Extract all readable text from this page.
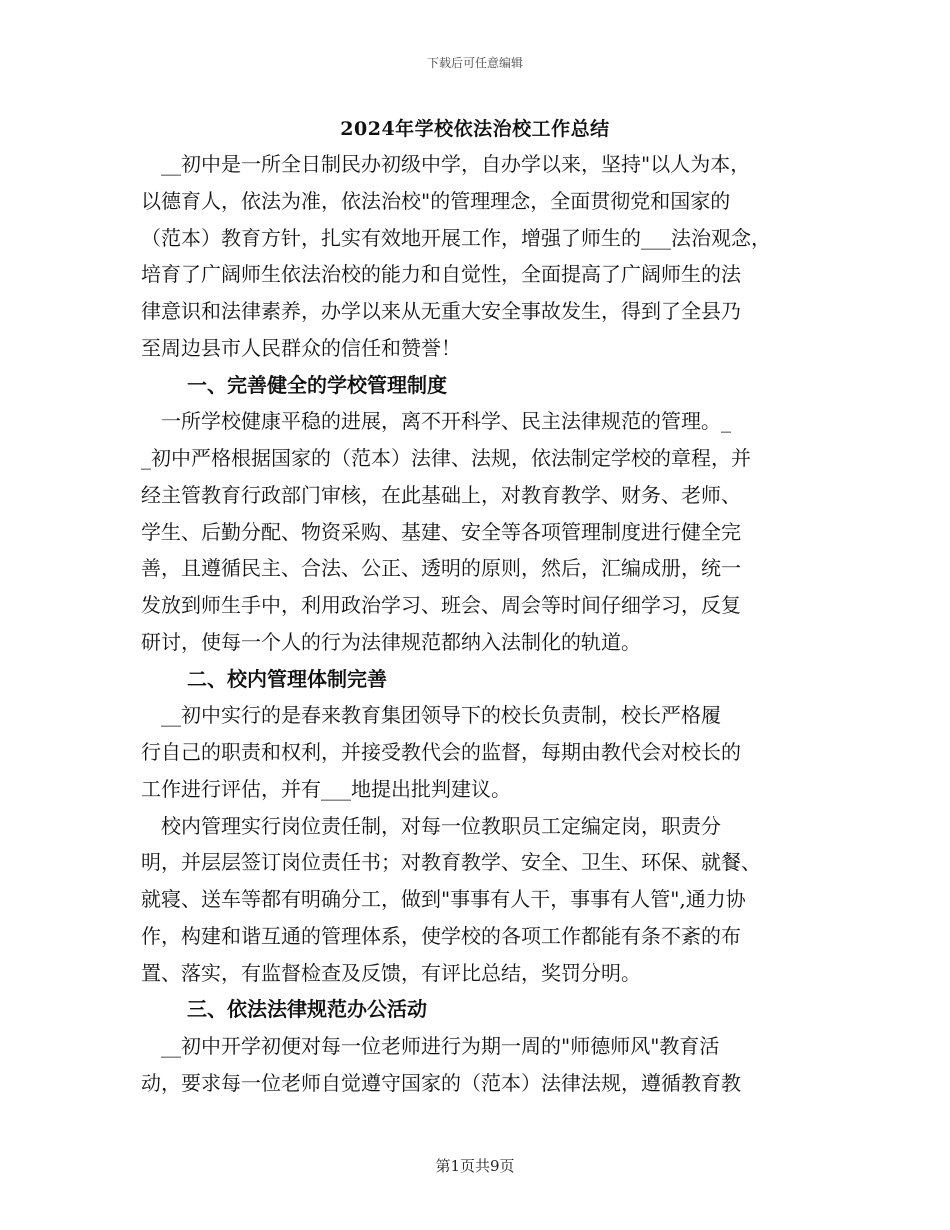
下载后可任意编辑
2024年学校依法治校工作总结
　__初中是一所全日制民办初级中学，自办学以来，坚持"以人为本，
以德育人，依法为准，依法治校"的管理理念，全面贯彻党和国家的
（范本）教育方针，扎实有效地开展工作，增强了师生的___法治观念，
培育了广阔师生依法治校的能力和自觉性，全面提高了广阔师生的法
律意识和法律素养，办学以来从无重大安全事故发生，得到了全县乃
至周边县市人民群众的信任和赞誉！
一、完善健全的学校管理制度
　一所学校健康平稳的进展，离不开科学、民主法律规范的管理。_
_初中严格根据国家的（范本）法律、法规，依法制定学校的章程，并
经主管教育行政部门审核，在此基础上，对教育教学、财务、老师、
学生、后勤分配、物资采购、基建、安全等各项管理制度进行健全完
善，且遵循民主、合法、公正、透明的原则，然后，汇编成册，统一
发放到师生手中，利用政治学习、班会、周会等时间仔细学习，反复
研讨，使每一个人的行为法律规范都纳入法制化的轨道。
二、校内管理体制完善
　__初中实行的是春来教育集团领导下的校长负责制，校长严格履
行自己的职责和权利，并接受教代会的监督，每期由教代会对校长的
工作进行评估，并有___地提出批判建议。
　校内管理实行岗位责任制，对每一位教职员工定编定岗，职责分
明，并层层签订岗位责任书；对教育教学、安全、卫生、环保、就餐、
就寝、送车等都有明确分工，做到"事事有人干，事事有人管",通力协
作，构建和谐互通的管理体系，使学校的各项工作都能有条不紊的布
置、落实，有监督检查及反馈，有评比总结，奖罚分明。
三、依法法律规范办公活动
　__初中开学初便对每一位老师进行为期一周的"师德师风"教育活
动，要求每一位老师自觉遵守国家的（范本）法律法规，遵循教育教
第1页共9页
